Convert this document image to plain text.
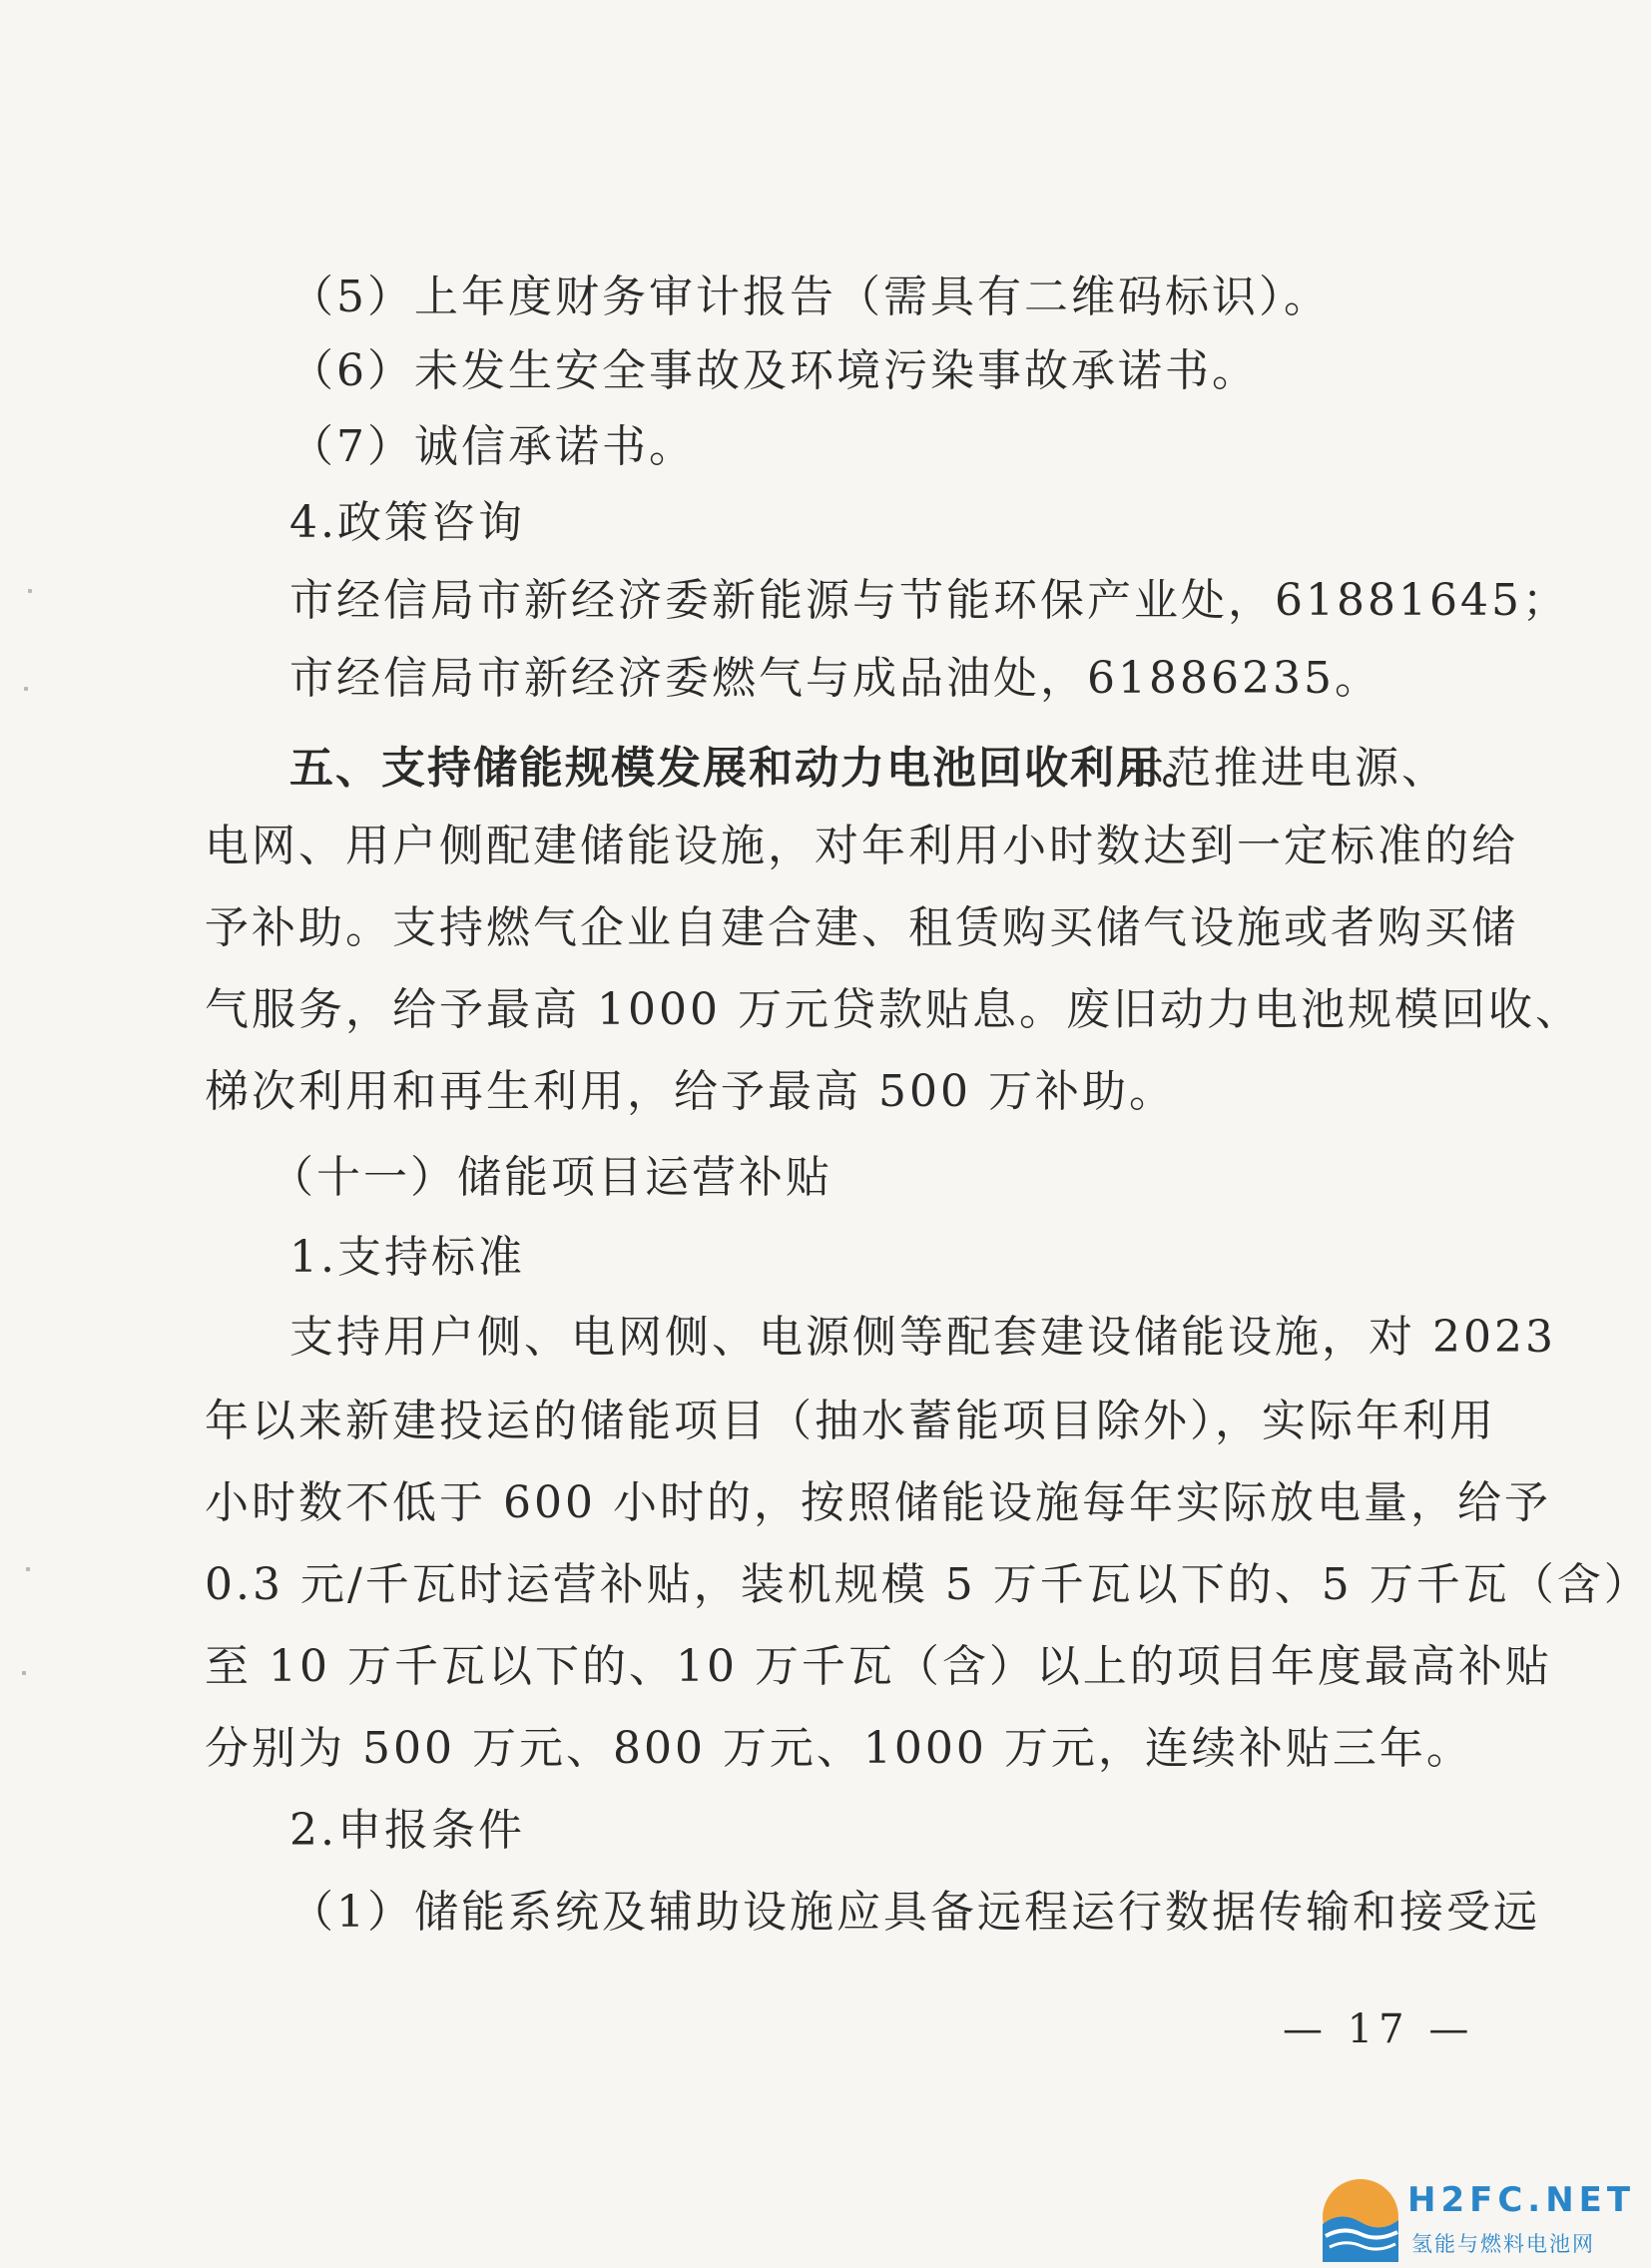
（5）上年度财务审计报告（需具有二维码标识）。
（6）未发生安全事故及环境污染事故承诺书。
（7）诚信承诺书。
4.政策咨询
市经信局市新经济委新能源与节能环保产业处，61881645；
市经信局市新经济委燃气与成品油处，61886235。
五、支持储能规模发展和动力电池回收利用。
示范推进电源、
电网、用户侧配建储能设施，对年利用小时数达到一定标准的给
予补助。支持燃气企业自建合建、租赁购买储气设施或者购买储
气服务，给予最高 1000 万元贷款贴息。废旧动力电池规模回收、
梯次利用和再生利用，给予最高 500 万补助。
（十一）储能项目运营补贴
1.支持标准
支持用户侧、电网侧、电源侧等配套建设储能设施，对 2023
年以来新建投运的储能项目（抽水蓄能项目除外），实际年利用
小时数不低于 600 小时的，按照储能设施每年实际放电量，给予
0.3 元/千瓦时运营补贴，装机规模 5 万千瓦以下的、5 万千瓦（含）
至 10 万千瓦以下的、10 万千瓦（含）以上的项目年度最高补贴
分别为 500 万元、800 万元、1000 万元，连续补贴三年。
2.申报条件
（1）储能系统及辅助设施应具备远程运行数据传输和接受远
— 17 —
H2FC.NET
氢能与燃料电池网
